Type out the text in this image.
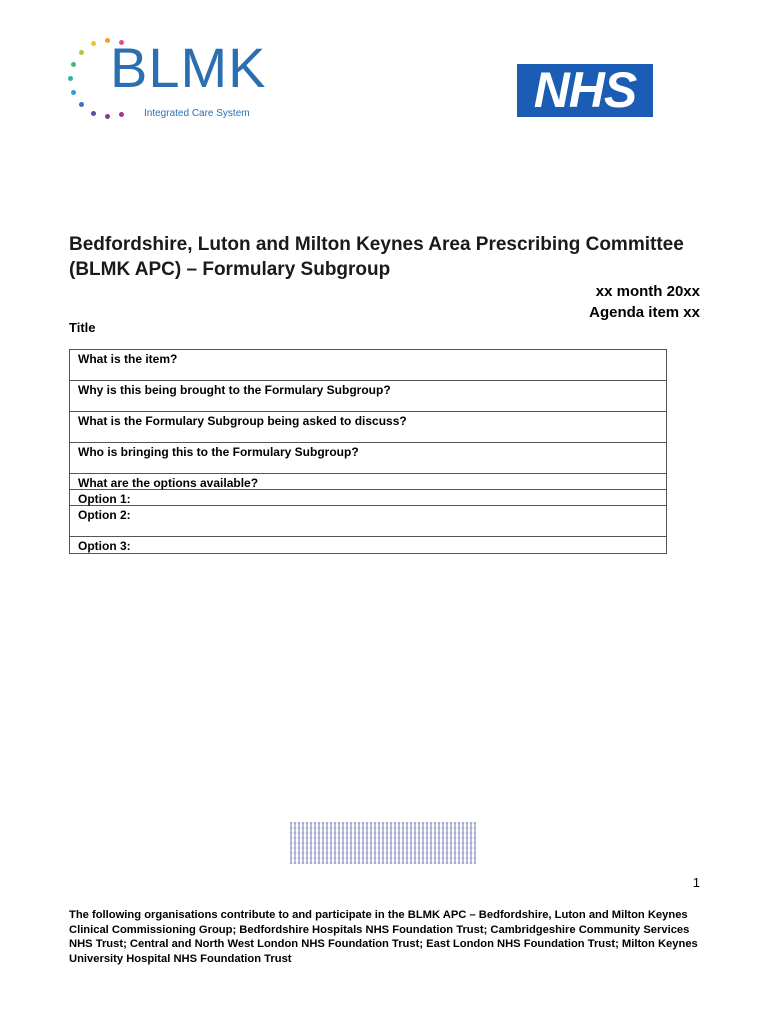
BLMK
Integrated Care System	NHS
Bedfordshire, Luton and Milton Keynes Area Prescribing Committee (BLMK APC) – Formulary Subgroup
xx month 20xx
Agenda item xx
Title
What is the item?
Why is this being brought to the Formulary Subgroup?
What is the Formulary Subgroup being asked to discuss?
Who is bringing this to the Formulary Subgroup?
What are the options available?
Option 1:
Option 2:
Option 3:
1
The following organisations contribute to and participate in the BLMK APC – Bedfordshire, Luton and Milton Keynes Clinical Commissioning Group; Bedfordshire Hospitals NHS Foundation Trust; Cambridgeshire Community Services NHS Trust; Central and North West London NHS Foundation Trust; East London NHS Foundation Trust; Milton Keynes University Hospital NHS Foundation Trust
